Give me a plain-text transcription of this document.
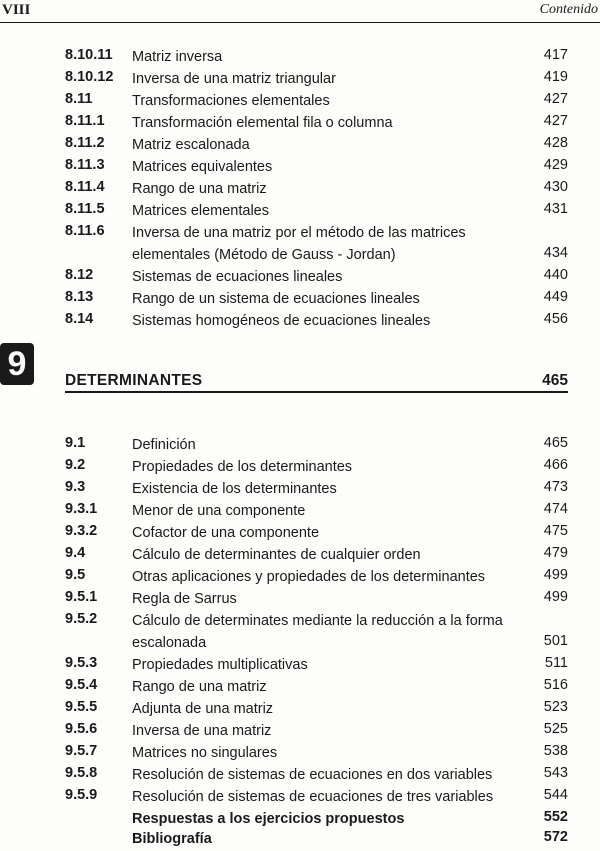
VIII	Contenido
8.10.11 Matriz inversa	417
8.10.12 Inversa de una matriz triangular	419
8.11	Transformaciones elementales	427
8.11.1 Transformación elemental fila o columna	427
8.11.2 Matriz escalonada	428
8.11.3 Matrices equivalentes	429
8.11.4 Rango de una matriz	430
8.11.5 Matrices elementales	431
8.11.6 Inversa de una matriz por el método de las matrices
elementales (Método de Gauss - Jordan)	434
8.12	Sistemas de ecuaciones lineales	440
8.13	Rango de un sistema de ecuaciones lineales	449
8.14	Sistemas homogéneos de ecuaciones lineales	456
9	DETERMINANTES	465
9.1	Definición	465
9.2	Propiedades de los determinantes	466
9.3	Existencia de los determinantes	473
9.3.1 Menor de una componente	474
9.3.2 Cofactor de una componente	475
9.4	Cálculo de determinantes de cualquier orden	479
9.5	Otras aplicaciones y propiedades de los determinantes	499
9.5.1 Regla de Sarrus	499
9.5.2 Cálculo de determinates mediante la reducción a la forma
escalonada	501
9.5.3 Propiedades multiplicativas	511
9.5.4 Rango de una matriz	516
9.5.5 Adjunta de una matriz	523
9.5.6 Inversa de una matriz	525
9.5.7 Matrices no singulares	538
9.5.8 Resolución de sistemas de ecuaciones en dos variables	543
9.5.9 Resolución de sistemas de ecuaciones de tres variables	544
Respuestas a los ejercicios propuestos	552
Bibliografía	572
